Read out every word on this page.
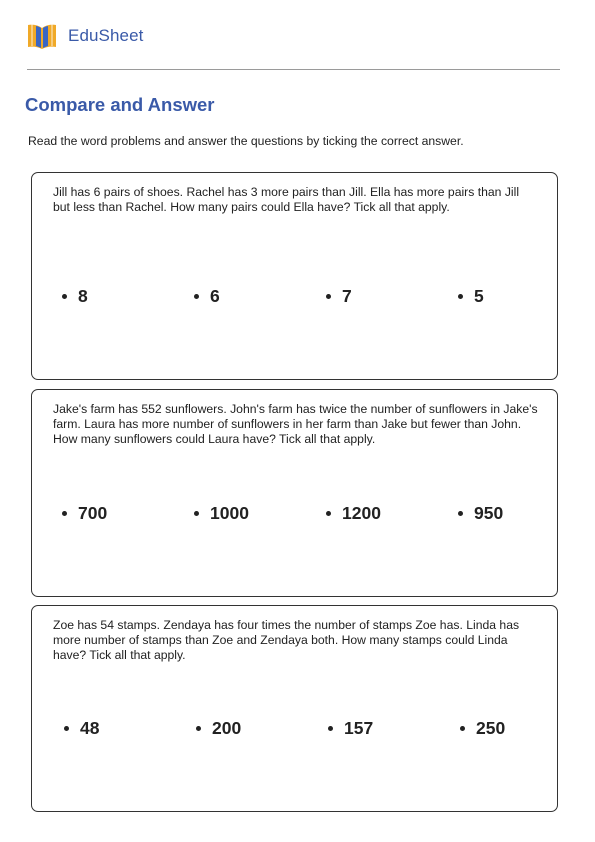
EduSheet
Compare and Answer

Read the word problems and answer the questions by ticking the correct answer.

Jill has 6 pairs of shoes. Rachel has 3 more pairs than Jill. Ella has more pairs than Jill but less than Rachel. How many pairs could Ella have? Tick all that apply.

8	6	7	5

Jake's farm has 552 sunflowers. John's farm has twice the number of sunflowers in Jake's farm. Laura has more number of sunflowers in her farm than Jake but fewer than John. How many sunflowers could Laura have? Tick all that apply.

700	1000	1200	950

Zoe has 54 stamps. Zendaya has four times the number of stamps Zoe has. Linda has more number of stamps than Zoe and Zendaya both. How many stamps could Linda have? Tick all that apply.

48	200	157	250
